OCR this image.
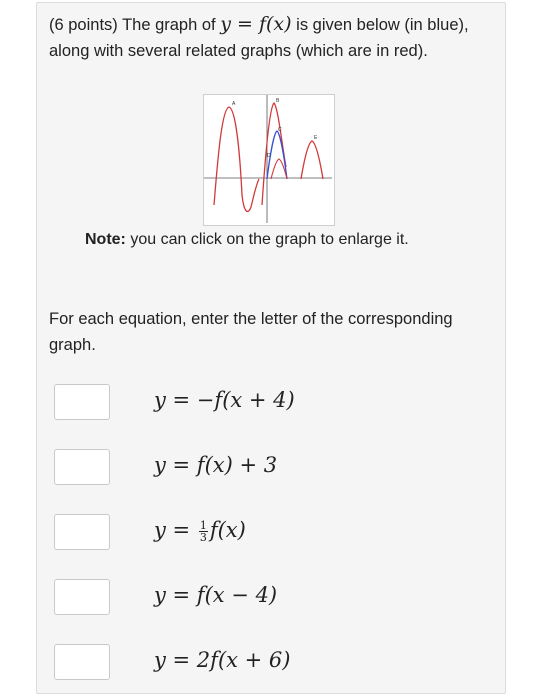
(6 points) The graph of y = f(x) is given below (in blue), along with several related graphs (which are in red).
A	B
C
D
E
Note: you can click on the graph to enlarge it.
For each equation, enter the letter of the corresponding graph.
y = −f(x + 4)
y = f(x) + 3
$y = \frac{1}{3} f(x)$
y = f(x − 4)
y = 2f(x + 6)
